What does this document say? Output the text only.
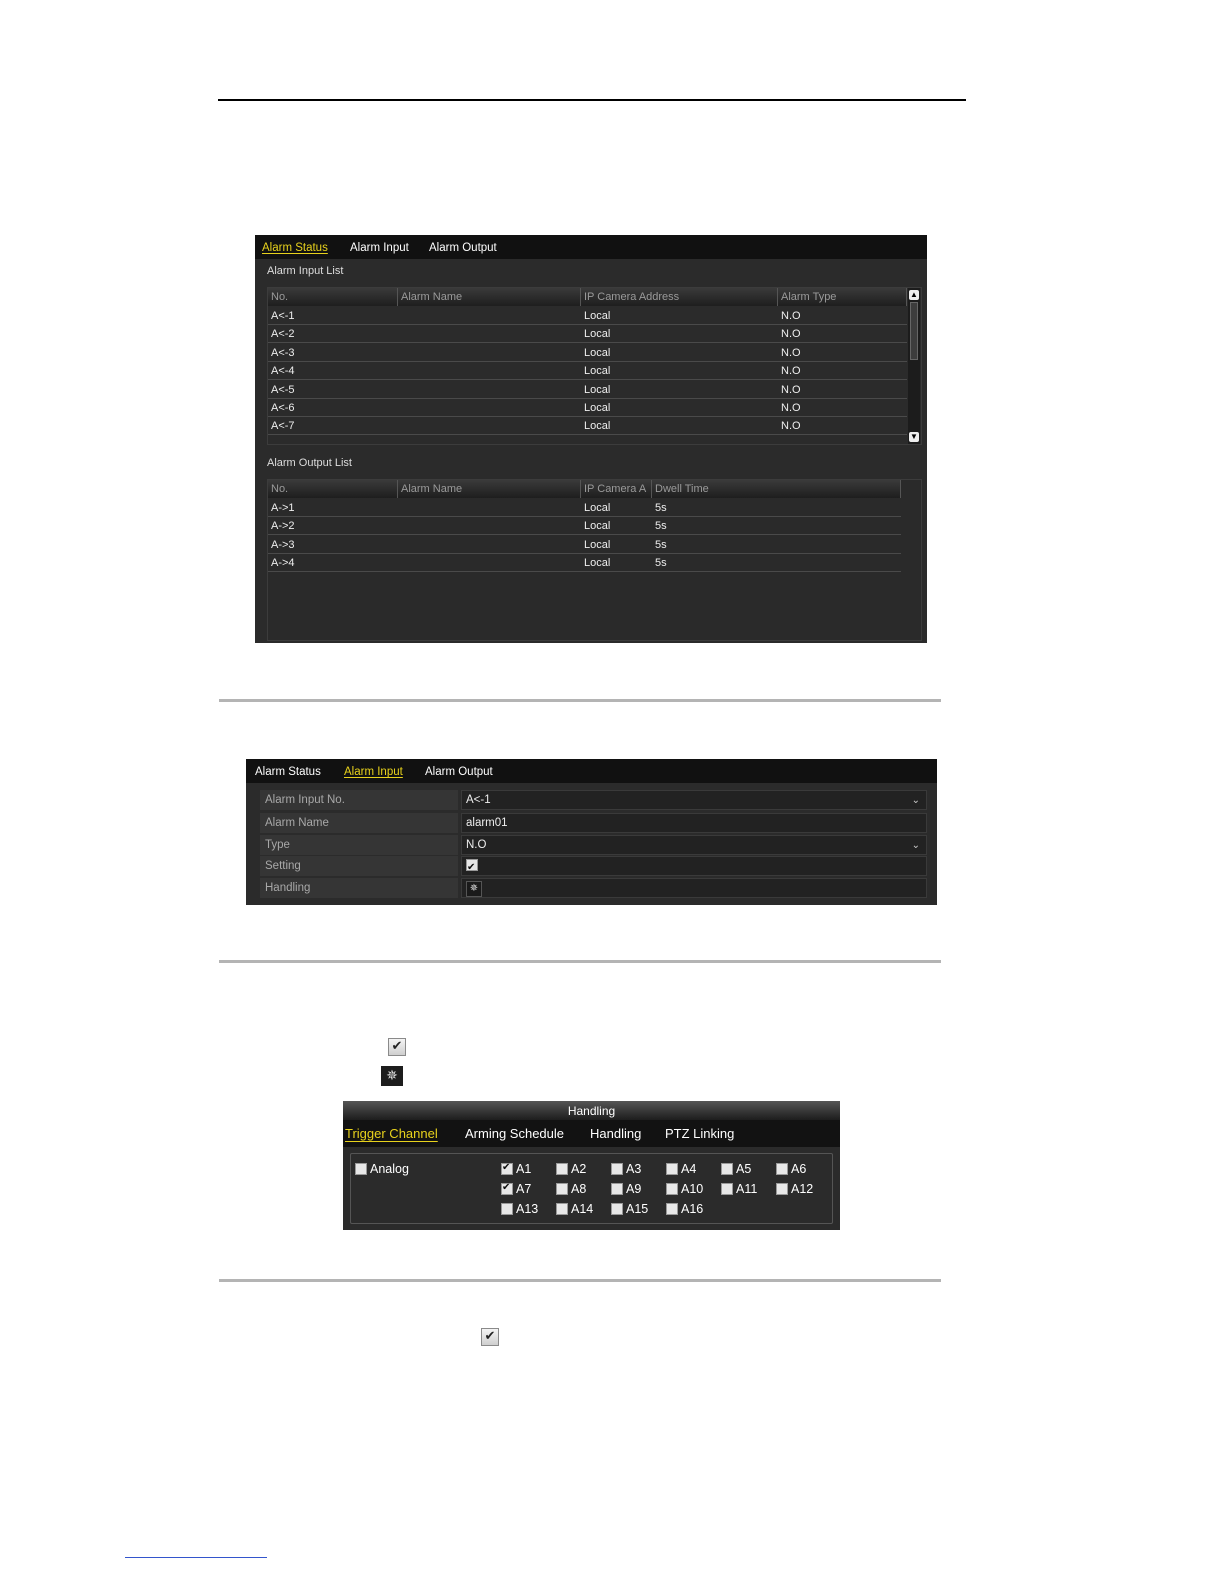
Alarm Status Alarm Input Alarm Output
Alarm Input List
No.	Alarm Name	IP Camera Address	Alarm Type
A<-1	Local	N.O
A<-2	Local	N.O
A<-3	Local	N.O
A<-4	Local	N.O
A<-5	Local	N.O
A<-6	Local	N.O
A<-7	Local	N.O
▲
▼
Alarm Output List
No.	Alarm Name	IP Camera A Dwell Time
A->1	Local	5s
A->2	Local	5s
A->3	Local	5s
A->4	Local	5s
Alarm Status Alarm Input Alarm Output
Alarm Input No.	A<-1	⌄
Alarm Name	alarm01
Type	N.O	⌄
Setting
✔
Handling	✵
✔
✵
Handling
Trigger Channel Arming Schedule Handling PTZ Linking
Analog
✔	A1	A2	A3	A4	A5	A6
✔A7	A8	A9	A10	A11	A12
A13	A14	A15	A16
✔
